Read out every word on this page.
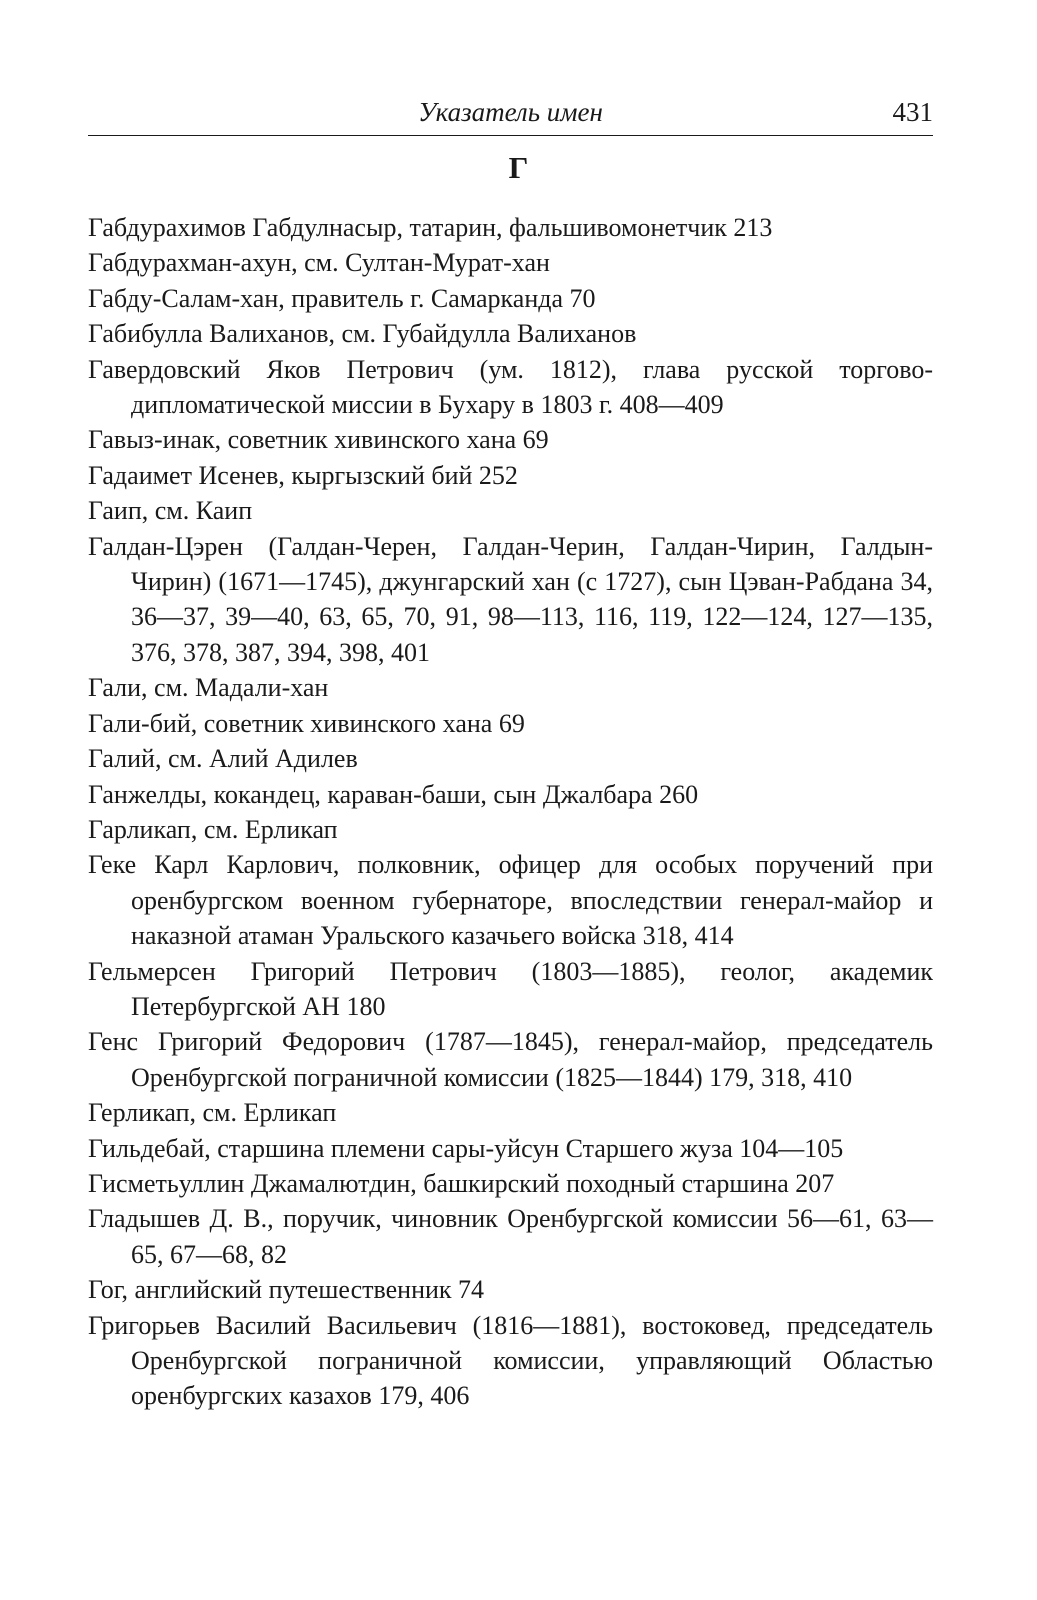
Указатель имен	431
Г
Габдурахимов Габдулнасыр, татарин, фальшивомонетчик 213
Габдурахман-ахун, см. Султан-Мурат-хан
Габду-Салам-хан, правитель г. Самарканда 70
Габибулла Валиханов, см. Губайдулла Валиханов
Гавердовский Яков Петрович (ум. 1812), глава русской торгово-дипломатической миссии в Бухару в 1803 г. 408—409
Гавыз-инак, советник хивинского хана 69
Гадаимет Исенев, кыргызский бий 252
Гаип, см. Каип
Галдан-Цэрен (Галдан-Черен, Галдан-Черин, Галдан-Чирин, Галдын-Чирин) (1671—1745), джунгарский хан (с 1727), сын Цэван-Рабдана 34, 36—37, 39—40, 63, 65, 70, 91, 98—113, 116, 119, 122—124, 127—135, 376, 378, 387, 394, 398, 401
Гали, см. Мадали-хан
Гали-бий, советник хивинского хана 69
Галий, см. Алий Адилев
Ганжелды, кокандец, караван-баши, сын Джалбара 260
Гарликап, см. Ерликап
Геке Карл Карлович, полковник, офицер для особых поручений при оренбургском военном губернаторе, впоследствии генерал-майор и наказной атаман Уральского казачьего войска 318, 414
Гельмерсен Григорий Петрович (1803—1885), геолог, академик Петербургской АН 180
Генс Григорий Федорович (1787—1845), генерал-майор, председатель Оренбургской пограничной комиссии (1825—1844) 179, 318, 410
Герликап, см. Ерликап
Гильдебай, старшина племени сары-уйсун Старшего жуза 104—105
Гисметьуллин Джамалютдин, башкирский походный старшина 207
Гладышев Д. В., поручик, чиновник Оренбургской комиссии 56—61, 63—65, 67—68, 82
Гог, английский путешественник 74
Григорьев Василий Васильевич (1816—1881), востоковед, председатель Оренбургской пограничной комиссии, управляющий Областью оренбургских казахов 179, 406
